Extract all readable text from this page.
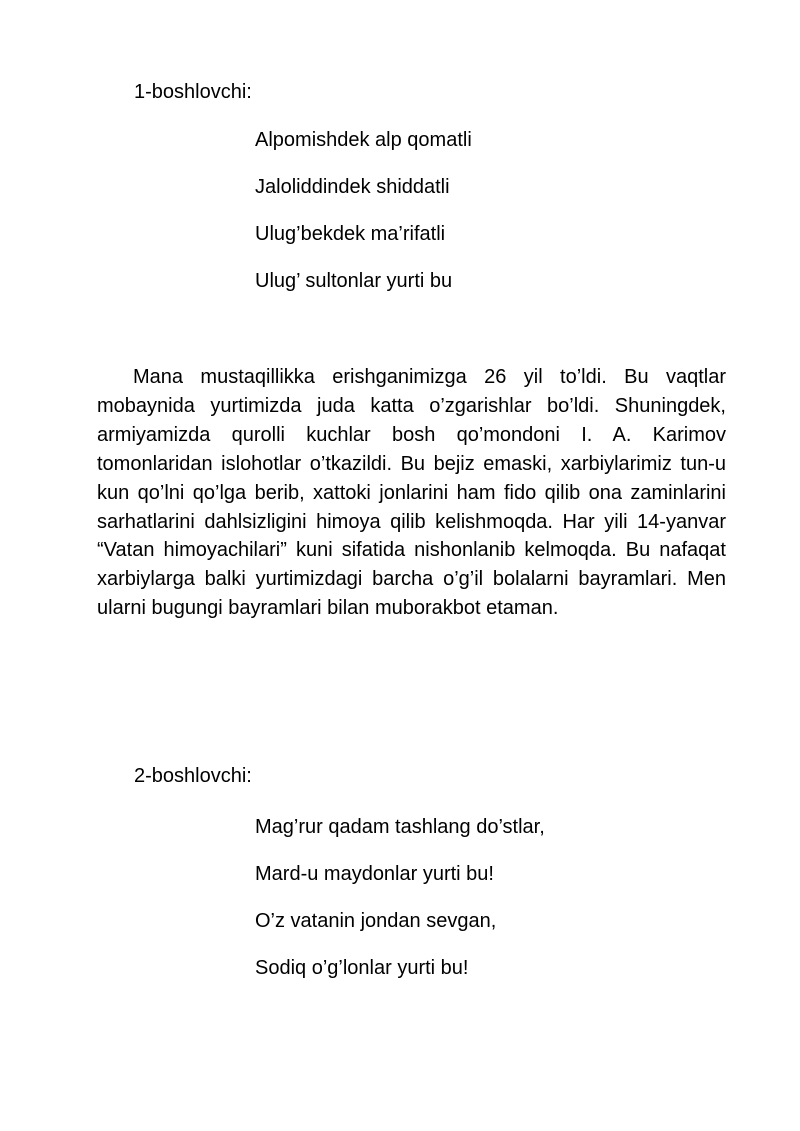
1-boshlovchi:
Alpomishdek alp qomatli
Jaloliddindek shiddatli
Ulug’bekdek ma’rifatli
Ulug’ sultonlar yurti bu

Mana mustaqillikka erishganimizga 26 yil to’ldi. Bu vaqtlar mobaynida yurtimizda juda katta o’zgarishlar bo’ldi. Shuningdek, armiyamizda qurolli kuchlar bosh qo’mondoni I. A. Karimov tomonlaridan islohotlar o’tkazildi. Bu bejiz emaski, xarbiylarimiz tun-u kun qo’lni qo’lga berib, xattoki jonlarini ham fido qilib ona zaminlarini sarhatlarini dahlsizligini himoya qilib kelishmoqda. Har yili 14-yanvar “Vatan himoyachilari” kuni sifatida nishonlanib kelmoqda. Bu nafaqat xarbiylarga balki yurtimizdagi barcha o’g’il bolalarni bayramlari. Men ularni bugungi bayramlari bilan muborakbot etaman.

2-boshlovchi:
Mag’rur qadam tashlang do’stlar,
Mard-u maydonlar yurti bu!
O’z vatanin jondan sevgan,
Sodiq o’g’lonlar yurti bu!
